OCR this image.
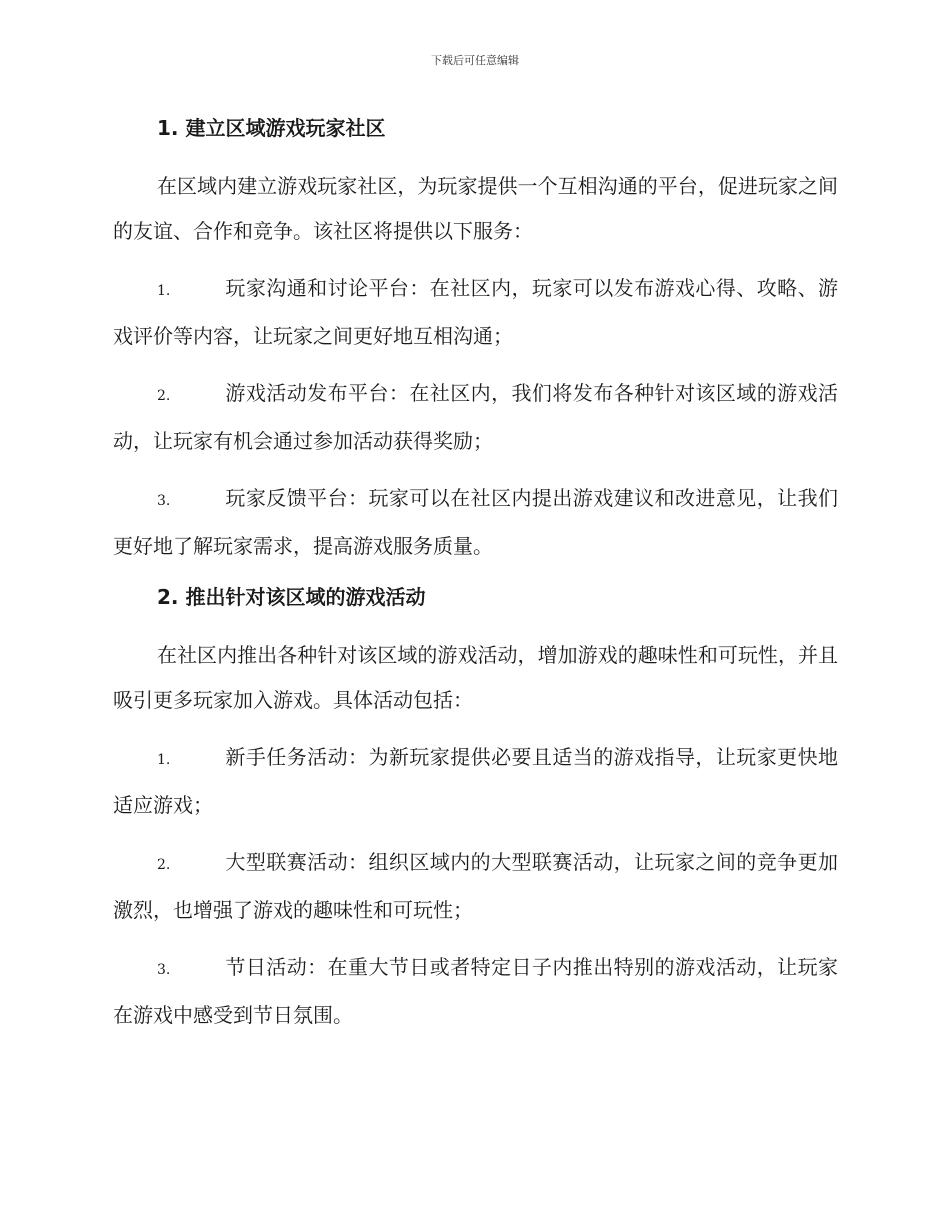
下载后可任意编辑
1. 建立区域游戏玩家社区

在区域内建立游戏玩家社区，为玩家提供一个互相沟通的平台，促进玩家之间的友谊、合作和竞争。该社区将提供以下服务：

1.	玩家沟通和讨论平台：在社区内，玩家可以发布游戏心得、攻略、游戏评价等内容，让玩家之间更好地互相沟通；
2.	游戏活动发布平台：在社区内，我们将发布各种针对该区域的游戏活动，让玩家有机会通过参加活动获得奖励；
3.	玩家反馈平台：玩家可以在社区内提出游戏建议和改进意见，让我们更好地了解玩家需求，提高游戏服务质量。
2. 推出针对该区域的游戏活动

在社区内推出各种针对该区域的游戏活动，增加游戏的趣味性和可玩性，并且吸引更多玩家加入游戏。具体活动包括：

1.	新手任务活动：为新玩家提供必要且适当的游戏指导，让玩家更快地适应游戏；
2.	大型联赛活动：组织区域内的大型联赛活动，让玩家之间的竞争更加激烈，也增强了游戏的趣味性和可玩性；
3.	节日活动：在重大节日或者特定日子内推出特别的游戏活动，让玩家在游戏中感受到节日氛围。
